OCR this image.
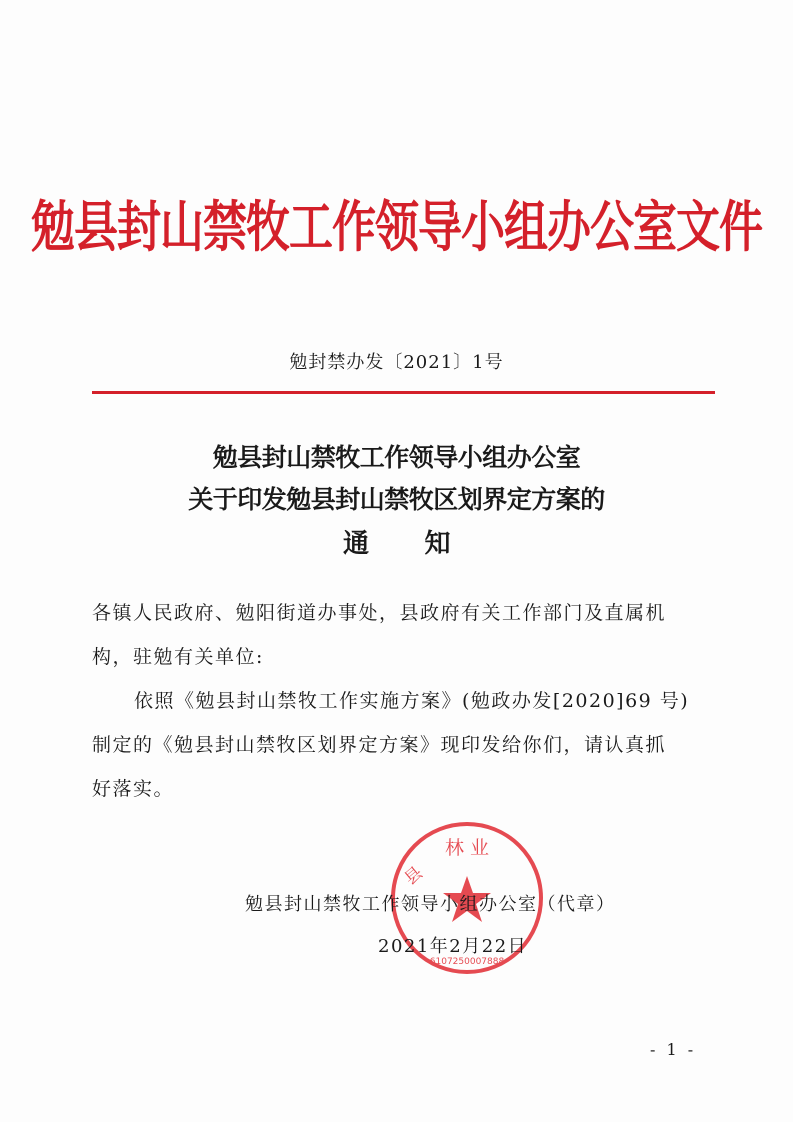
勉县封山禁牧工作领导小组办公室文件
勉封禁办发〔2021〕1号
勉县封山禁牧工作领导小组办公室
关于印发勉县封山禁牧区划界定方案的
通 知
各镇人民政府、勉阳街道办事处，县政府有关工作部门及直属机
构，驻勉有关单位:
依照《勉县封山禁牧工作实施方案》(勉政办发[2020]69 号)
制定的《勉县封山禁牧区划界定方案》现印发给你们，请认真抓
好落实。
林 业
县
6107250007888
勉县封山禁牧工作领导小组办公室（代章）
2021年2月22日
- 1 -
